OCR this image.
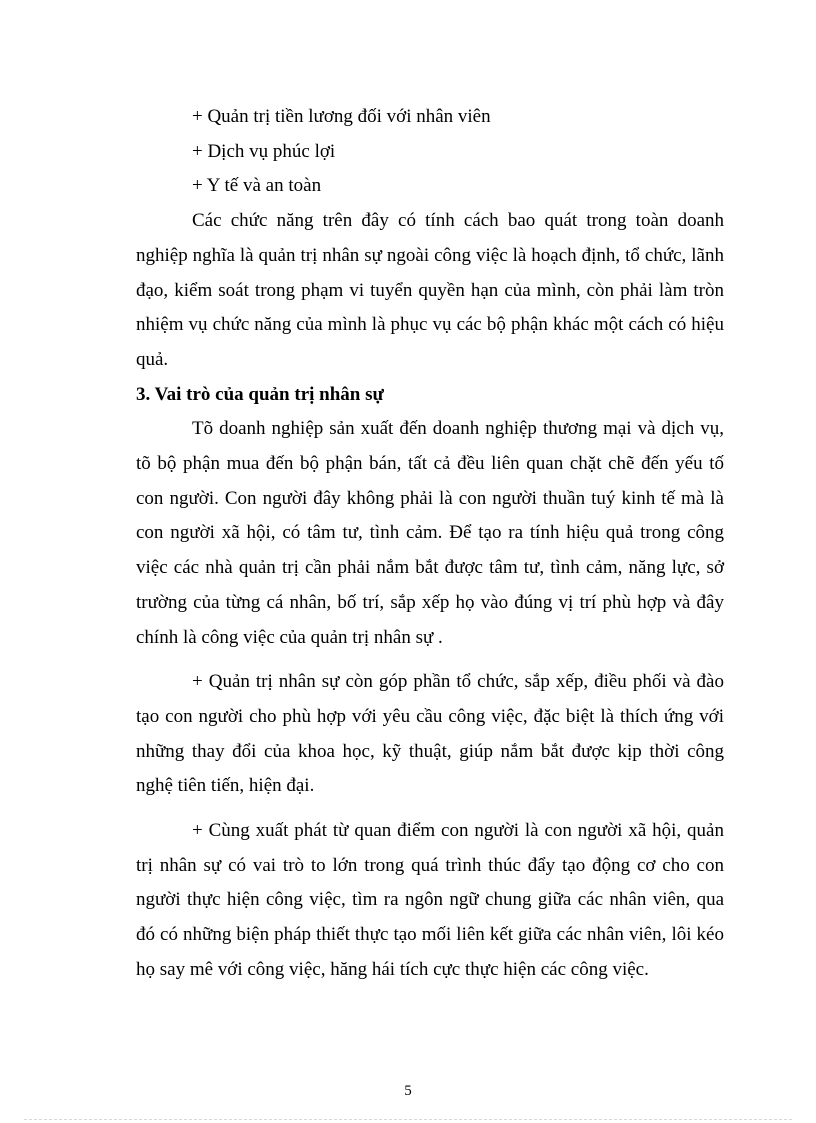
+ Quản trị tiền lương đối với nhân viên
+ Dịch vụ phúc lợi
+ Y tế và an toàn

Các chức năng trên đây có tính cách bao quát trong toàn doanh nghiệp nghĩa là quản trị nhân sự ngoài công việc là hoạch định, tổ chức, lãnh đạo, kiểm soát trong phạm vi tuyển quyền hạn của mình, còn phải làm tròn nhiệm vụ chức năng của mình là phục vụ các bộ phận khác một cách có hiệu quả.

3. Vai trò của quản trị nhân sự

Tõ doanh nghiệp sản xuất đến doanh nghiệp thương mại và dịch vụ, tõ bộ phận mua đến bộ phận bán, tất cả đều liên quan chặt chẽ đến yếu tố con người. Con người đây không phải là con người thuần tuý kinh tế mà là con người xã hội, có tâm tư, tình cảm. Để tạo ra tính hiệu quả trong công việc các nhà quản trị cần phải nắm bắt được tâm tư, tình cảm, năng lực, sở trường của từng cá nhân, bố trí, sắp xếp họ vào đúng vị trí phù hợp và đây chính là công việc của quản trị nhân sự .

+ Quản trị nhân sự còn góp phần tổ chức, sắp xếp, điều phối và đào tạo con người cho phù hợp với yêu cầu công việc, đặc biệt là thích ứng với những thay đổi của khoa học, kỹ thuật, giúp nắm bắt được kịp thời công nghệ tiên tiến, hiện đại.

+ Cùng xuất phát từ quan điểm con người là con người xã hội, quản trị nhân sự có vai trò to lớn trong quá trình thúc đẩy tạo động cơ cho con người thực hiện công việc, tìm ra ngôn ngữ chung giữa các nhân viên, qua đó có những biện pháp thiết thực tạo mối liên kết giữa các nhân viên, lôi kéo họ say mê với công việc, hăng hái tích cực thực hiện các công việc.

5
